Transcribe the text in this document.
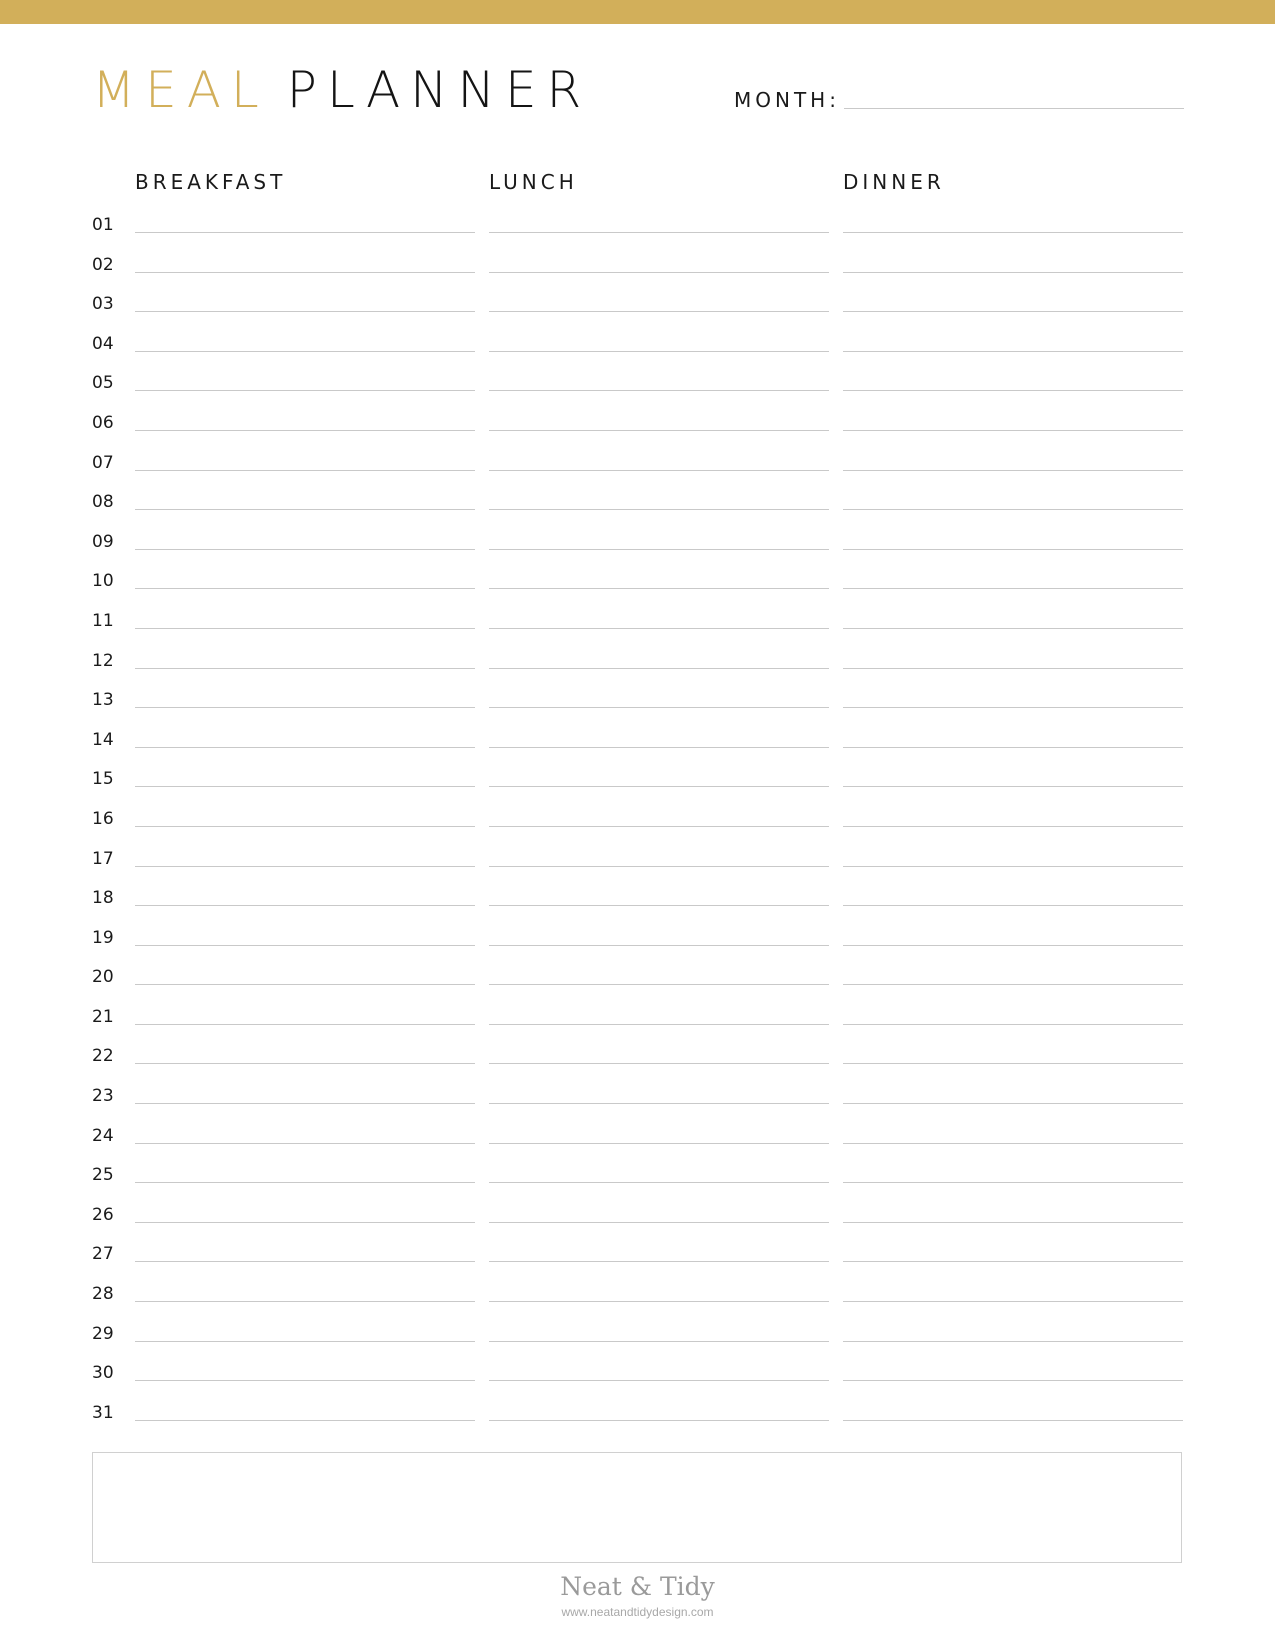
MEAL PLANNER	MONTH:
BREAKFAST	LUNCH	DINNER
01
02
03
04
05
06
07
08
09
10
11
12
13
14
15
16
17
18
19
20
21
22
23
24
25
26
27
28
29
30
31
Neat & Tidy
www.neatandtidydesign.com
